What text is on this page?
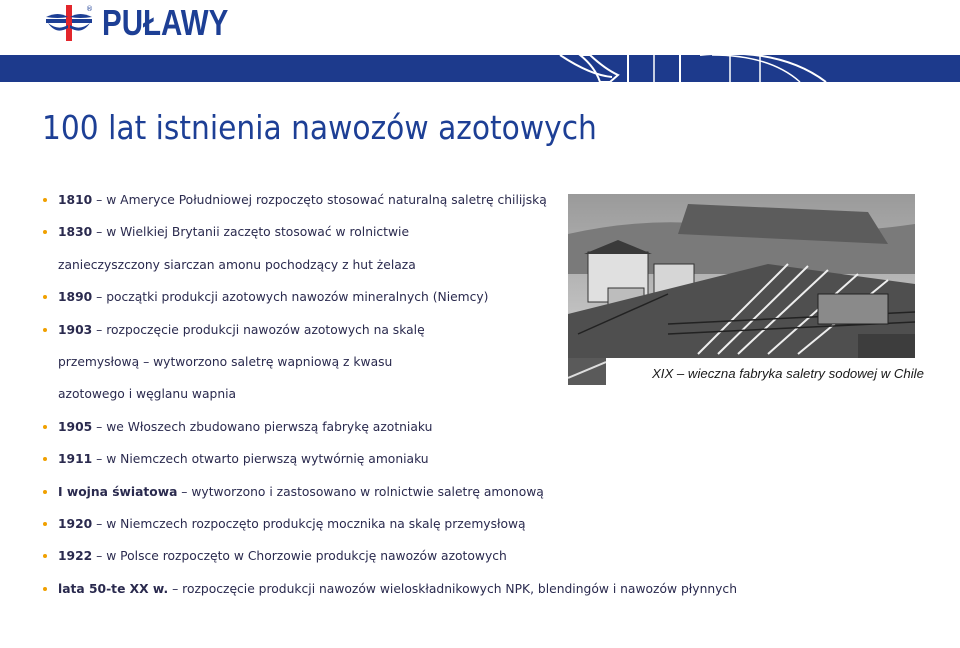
PUŁAWY
®
100 lat istnienia nawozów azotowych
1810 – w Ameryce Południowej rozpoczęto stosować naturalną saletrę chilijską
1830 – w Wielkiej Brytanii zaczęto stosować w rolnictwie
zanieczyszczony siarczan amonu pochodzący z hut żelaza
1890 – początki produkcji azotowych nawozów mineralnych (Niemcy)
1903 – rozpoczęcie produkcji nawozów azotowych na skalę
przemysłową – wytworzono saletrę wapniową z kwasu
azotowego i węglanu wapnia
1905 – we Włoszech zbudowano pierwszą fabrykę azotniaku
1911 – w Niemczech otwarto pierwszą wytwórnię amoniaku
I wojna światowa – wytworzono i zastosowano w rolnictwie saletrę amonową
1920 – w Niemczech rozpoczęto produkcję mocznika na skalę przemysłową
1922 – w Polsce rozpoczęto w Chorzowie produkcję nawozów azotowych
lata 50-te XX w. – rozpoczęcie produkcji nawozów wieloskładnikowych NPK, blendingów i nawozów płynnych
XIX – wieczna fabryka saletry sodowej w Chile
